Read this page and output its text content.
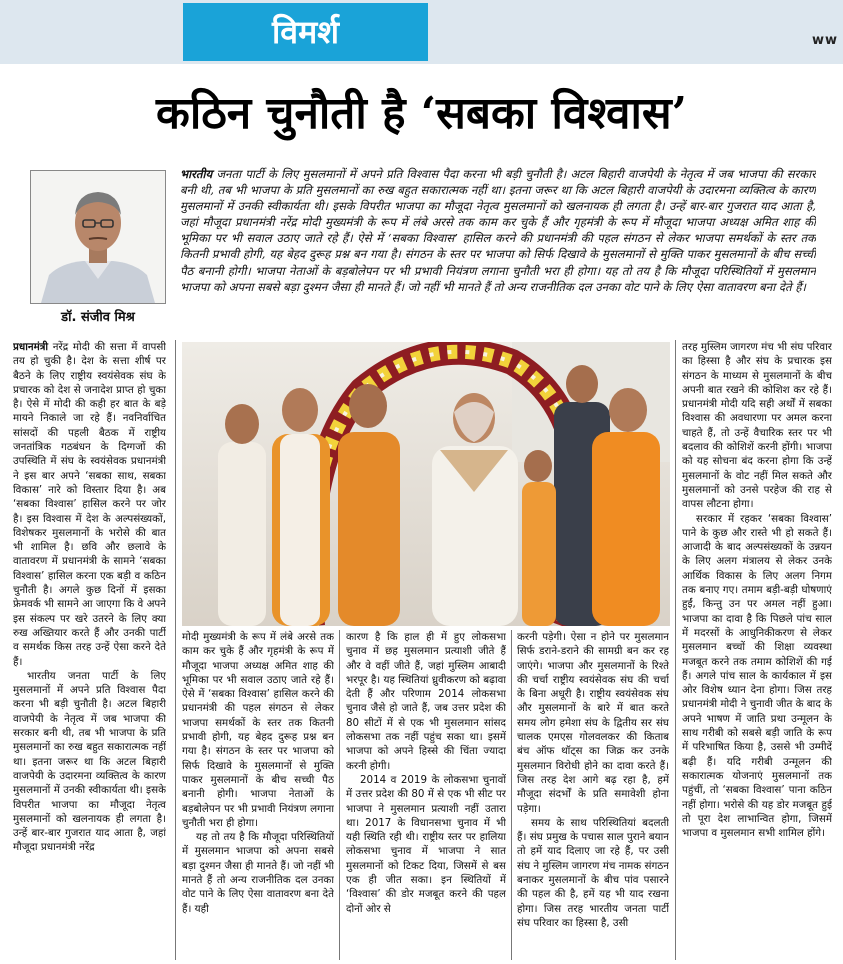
विमर्श	ww
कठिन चुनौती है ‘सबका विश्वास’
डॉ. संजीव मिश्र

भारतीय जनता पार्टी के लिए मुसलमानों में अपने प्रति विश्वास पैदा करना भी बड़ी चुनौती है। अटल बिहारी वाजपेयी के नेतृत्व में जब भाजपा की सरकार बनी थी, तब भी भाजपा के प्रति मुसलमानों का रुख बहुत सकारात्मक नहीं था। इतना जरूर था कि अटल बिहारी वाजपेयी के उदारमना व्यक्तित्व के कारण मुसलमानों में उनकी स्वीकार्यता थी। इसके विपरीत भाजपा का मौजूदा नेतृत्व मुसलमानों को खलनायक ही लगता है। उन्हें बार-बार गुजरात याद आता है, जहां मौजूदा प्रधानमंत्री नरेंद्र मोदी मुख्यमंत्री के रूप में लंबे अरसे तक काम कर चुके हैं और गृहमंत्री के रूप में मौजूदा भाजपा अध्यक्ष अमित शाह की भूमिका पर भी सवाल उठाए जाते रहे हैं। ऐसे में ‘सबका विश्वास’ हासिल करने की प्रधानमंत्री की पहल संगठन से लेकर भाजपा समर्थकों के स्तर तक कितनी प्रभावी होगी, यह बेहद दुरूह प्रश्न बन गया है। संगठन के स्तर पर भाजपा को सिर्फ दिखावे के मुसलमानों से मुक्ति पाकर मुसलमानों के बीच सच्ची पैठ बनानी होगी। भाजपा नेताओं के बड़बोलेपन पर भी प्रभावी नियंत्रण लगाना चुनौती भरा ही होगा। यह तो तय है कि मौजूदा परिस्थितियों में मुसलमान भाजपा को अपना सबसे बड़ा दुश्मन जैसा ही मानते हैं। जो नहीं भी मानते हैं तो अन्य राजनीतिक दल उनका वोट पाने के लिए ऐसा वातावरण बना देते हैं।

प्रधानमंत्री नरेंद्र मोदी की सत्ता में वापसी तय हो चुकी है। देश के सत्ता शीर्ष पर बैठने के लिए राष्ट्रीय स्वयंसेवक संघ के प्रचारक को देश से जनादेश प्राप्त हो चुका है। ऐसे में मोदी की कही हर बात के बड़े मायने निकाले जा रहे हैं। नवनिर्वाचित सांसदों की पहली बैठक में राष्ट्रीय जनतांत्रिक गठबंधन के दिग्गजों की उपस्थिति में संघ के स्वयंसेवक प्रधानमंत्री ने इस बार अपने ‘सबका साथ, सबका विकास’ नारे को विस्तार दिया है। अब ‘सबका विश्वास’ हासिल करने पर जोर है। इस विश्वास में देश के अल्पसंख्यकों, विशेषकर मुसलमानों के भरोसे की बात भी शामिल है। छवि और छलावे के वातावरण में प्रधानमंत्री के सामने ‘सबका विश्वास’ हासिल करना एक बड़ी व कठिन चुनौती है। अगले कुछ दिनों में इसका फ्रेमवर्क भी सामने आ जाएगा कि वे अपने इस संकल्प पर खरे उतरने के लिए क्या रुख अख्तियार करते हैं और उनकी पार्टी व समर्थक किस तरह उन्हें ऐसा करने देते हैं।

भारतीय जनता पार्टी के लिए मुसलमानों में अपने प्रति विश्वास पैदा करना भी बड़ी चुनौती है। अटल बिहारी वाजपेयी के नेतृत्व में जब भाजपा की सरकार बनी थी, तब भी भाजपा के प्रति मुसलमानों का रुख बहुत सकारात्मक नहीं था। इतना जरूर था कि अटल बिहारी वाजपेयी के उदारमना व्यक्तित्व के कारण मुसलमानों में उनकी स्वीकार्यता थी। इसके विपरीत भाजपा का मौजूदा नेतृत्व मुसलमानों को खलनायक ही लगता है। उन्हें बार-बार गुजरात याद आता है, जहां मौजूदा प्रधानमंत्री नरेंद्र

मोदी मुख्यमंत्री के रूप में लंबे अरसे तक काम कर चुके हैं और गृहमंत्री के रूप में मौजूदा भाजपा अध्यक्ष अमित शाह की भूमिका पर भी सवाल उठाए जाते रहे हैं। ऐसे में ‘सबका विश्वास’ हासिल करने की प्रधानमंत्री की पहल संगठन से लेकर भाजपा समर्थकों के स्तर तक कितनी प्रभावी होगी, यह बेहद दुरूह प्रश्न बन गया है। संगठन के स्तर पर भाजपा को सिर्फ दिखावे के मुसलमानों से मुक्ति पाकर मुसलमानों के बीच सच्ची पैठ बनानी होगी। भाजपा नेताओं के बड़बोलेपन पर भी प्रभावी नियंत्रण लगाना चुनौती भरा ही होगा।

यह तो तय है कि मौजूदा परिस्थितियों में मुसलमान भाजपा को अपना सबसे बड़ा दुश्मन जैसा ही मानते हैं। जो नहीं भी मानते हैं तो अन्य राजनीतिक दल उनका वोट पाने के लिए ऐसा वातावरण बना देते हैं। यही

कारण है कि हाल ही में हुए लोकसभा चुनाव में छह मुसलमान प्रत्याशी जीते हैं और वे वहीं जीते हैं, जहां मुस्लिम आबादी भरपूर है। यह स्थितियां ध्रुवीकरण को बढ़ावा देती हैं और परिणाम 2014 लोकसभा चुनाव जैसे हो जाते हैं, जब उत्तर प्रदेश की 80 सीटों में से एक भी मुसलमान सांसद लोकसभा तक नहीं पहुंच सका था। इसमें भाजपा को अपने हिस्से की चिंता ज्यादा करनी होगी।

2014 व 2019 के लोकसभा चुनावों में उत्तर प्रदेश की 80 में से एक भी सीट पर भाजपा ने मुसलमान प्रत्याशी नहीं उतारा था। 2017 के विधानसभा चुनाव में भी यही स्थिति रही थी। राष्ट्रीय स्तर पर हालिया लोकसभा चुनाव में भाजपा ने सात मुसलमानों को टिकट दिया, जिसमें से बस एक ही जीत सका। इन स्थितियों में ‘विश्वास’ की डोर मजबूत करने की पहल दोनों ओर से

करनी पड़ेगी। ऐसा न होने पर मुसलमान सिर्फ डराने-डराने की सामग्री बन कर रह जाएंगे। भाजपा और मुसलमानों के रिश्ते की चर्चा राष्ट्रीय स्वयंसेवक संघ की चर्चा के बिना अधूरी है। राष्ट्रीय स्वयंसेवक संघ और मुसलमानों के बारे में बात करते समय लोग हमेशा संघ के द्वितीय सर संघ चालक एमएस गोलवलकर की किताब बंच ऑफ थॉट्स का जिक्र कर उनके मुसलमान विरोधी होने का दावा करते हैं। जिस तरह देश आगे बढ़ रहा है, हमें मौजूदा संदर्भों के प्रति समावेशी होना पड़ेगा।

समय के साथ परिस्थितियां बदलती हैं। संघ प्रमुख के पचास साल पुराने बयान तो हमें याद दिलाए जा रहे हैं, पर उसी संघ ने मुस्लिम जागरण मंच नामक संगठन बनाकर मुसलमानों के बीच पांव पसारने की पहल की है, हमें यह भी याद रखना होगा। जिस तरह भारतीय जनता पार्टी संघ परिवार का हिस्सा है, उसी

तरह मुस्लिम जागरण मंच भी संघ परिवार का हिस्सा है और संघ के प्रचारक इस संगठन के माध्यम से मुसलमानों के बीच अपनी बात रखने की कोशिश कर रहे हैं। प्रधानमंत्री मोदी यदि सही अर्थों में सबका विश्वास की अवधारणा पर अमल करना चाहते हैं, तो उन्हें वैचारिक स्तर पर भी बदलाव की कोशिशें करनी होंगी। भाजपा को यह सोचना बंद करना होगा कि उन्हें मुसलमानों के वोट नहीं मिल सकते और मुसलमानों को उनसे परहेज की राह से वापस लौटना होगा।

सरकार में रहकर ‘सबका विश्वास’ पाने के कुछ और रास्ते भी हो सकते हैं। आजादी के बाद अल्पसंख्यकों के उन्नयन के लिए अलग मंत्रालय से लेकर उनके आर्थिक विकास के लिए अलग निगम तक बनाए गए। तमाम बड़ी-बड़ी घोषणाएं हुईं, किन्तु उन पर अमल नहीं हुआ। भाजपा का दावा है कि पिछले पांच साल में मदरसों के आधुनिकीकरण से लेकर मुसलमान बच्चों की शिक्षा व्यवस्था मजबूत करने तक तमाम कोशिशें की गई हैं। अगले पांच साल के कार्यकाल में इस ओर विशेष ध्यान देना होगा। जिस तरह प्रधानमंत्री मोदी ने चुनावी जीत के बाद के अपने भाषण में जाति प्रथा उन्मूलन के साथ गरीबी को सबसे बड़ी जाति के रूप में परिभाषित किया है, उससे भी उम्मीदें बढ़ी हैं। यदि गरीबी उन्मूलन की सकारात्मक योजनाएं मुसलमानों तक पहुंचीं, तो ‘सबका विश्वास’ पाना कठिन नहीं होगा। भरोसे की यह डोर मजबूत हुई तो पूरा देश लाभान्वित होगा, जिसमें भाजपा व मुसलमान सभी शामिल होंगे।
